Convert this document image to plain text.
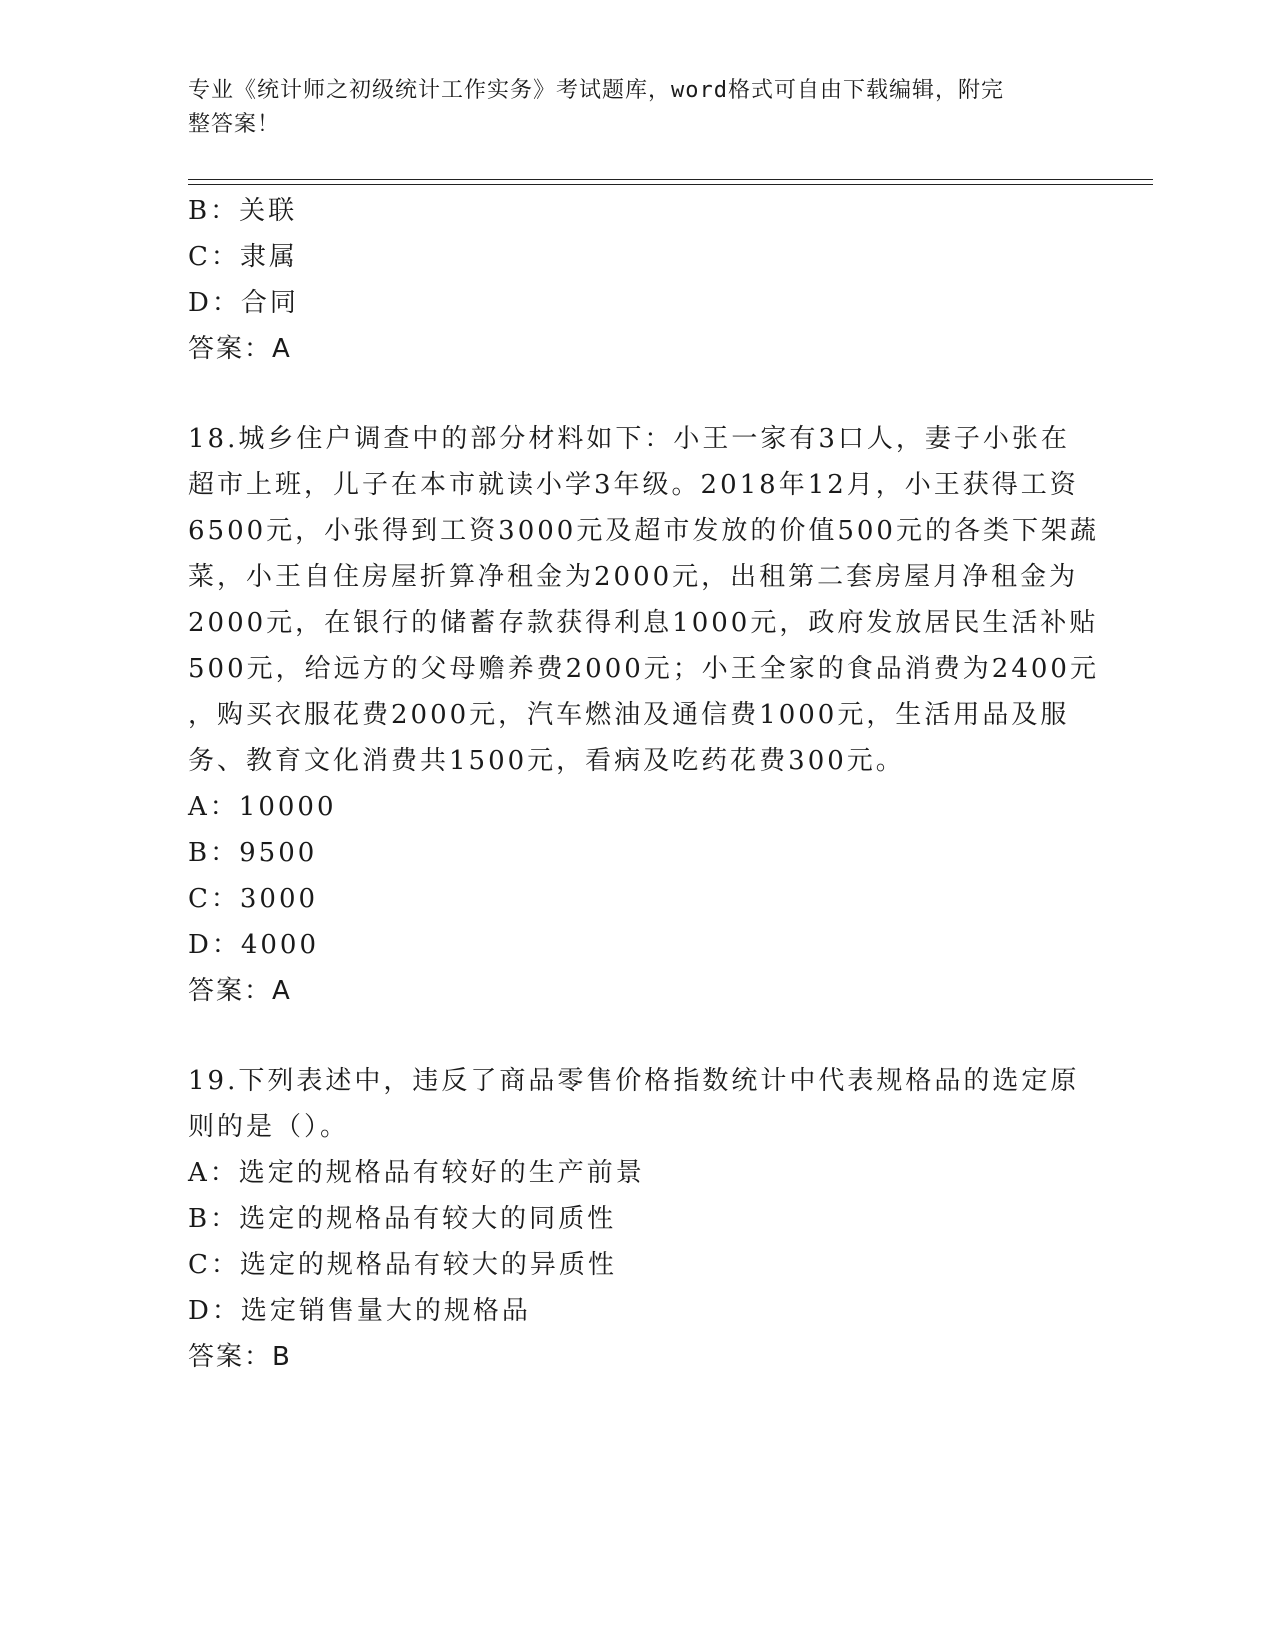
专业《统计师之初级统计工作实务》考试题库，word格式可自由下载编辑，附完
整答案！
B：关联
C：隶属
D：合同
答案：A
18.城乡住户调查中的部分材料如下：小王一家有3口人，妻子小张在
超市上班，儿子在本市就读小学3年级。2018年12月，小王获得工资
6500元，小张得到工资3000元及超市发放的价值500元的各类下架蔬
菜，小王自住房屋折算净租金为2000元，出租第二套房屋月净租金为
2000元，在银行的储蓄存款获得利息1000元，政府发放居民生活补贴
500元，给远方的父母赡养费2000元；小王全家的食品消费为2400元
，购买衣服花费2000元，汽车燃油及通信费1000元，生活用品及服
务、教育文化消费共1500元，看病及吃药花费300元。
A：10000
B：9500
C：3000
D：4000
答案：A
19.下列表述中，违反了商品零售价格指数统计中代表规格品的选定原
则的是（）。
A：选定的规格品有较好的生产前景
B：选定的规格品有较大的同质性
C：选定的规格品有较大的异质性
D：选定销售量大的规格品
答案：B
